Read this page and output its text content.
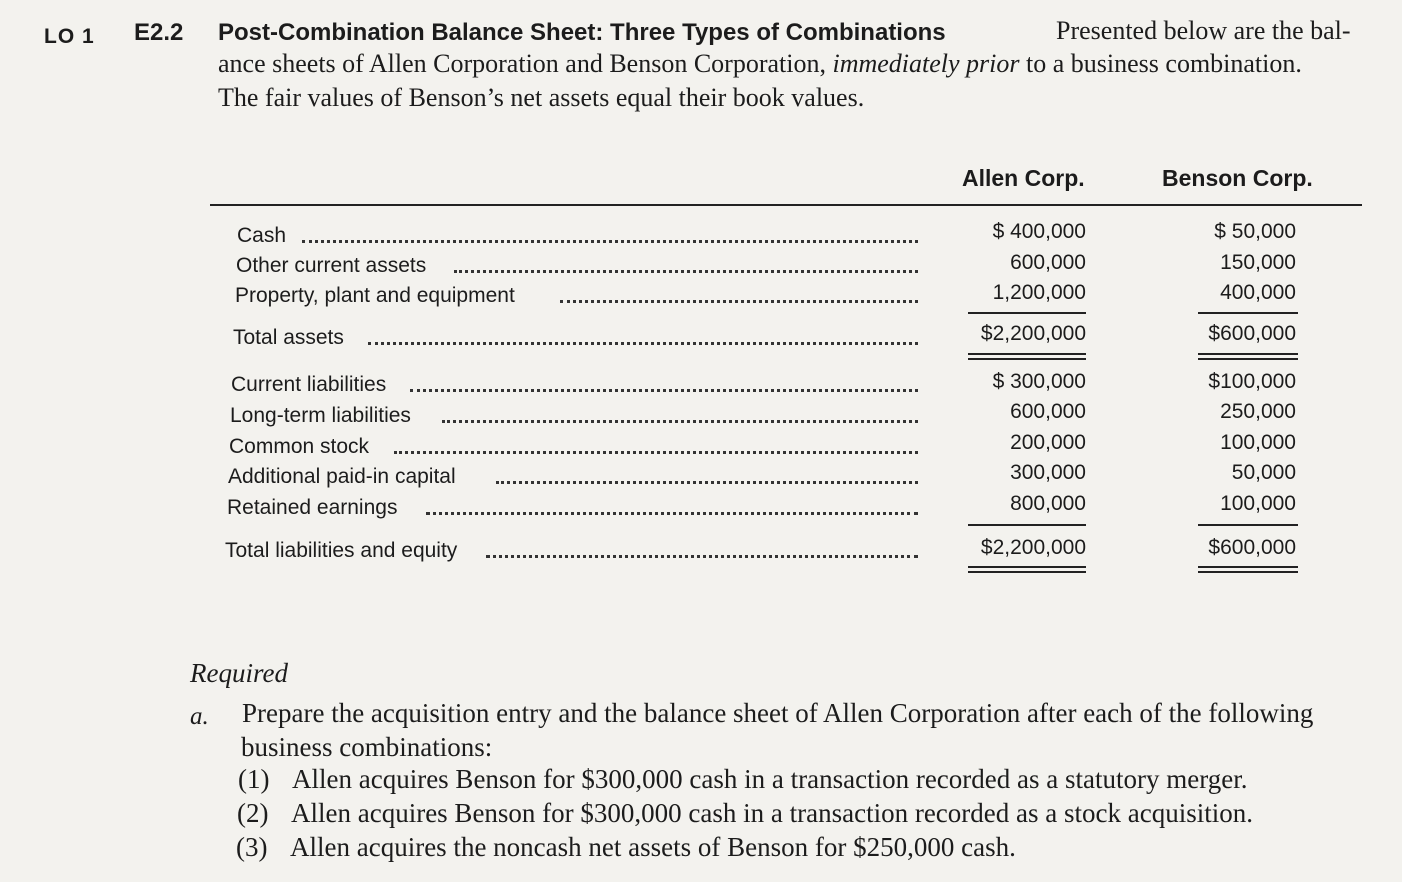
LO 1 E2.2 Post-Combination Balance Sheet: Three Types of Combinations	Presented below are the bal-
ance sheets of Allen Corporation and Benson Corporation, immediately prior to a business combination.
The fair values of Benson’s net assets equal their book values.
Allen Corp.	Benson Corp.
Cash	$ 400,000	$ 50,000
Other current assets	600,000	150,000
Property, plant and equipment	1,200,000	400,000
Total assets	$2,200,000	$600,000
Current liabilities	$ 300,000	$100,000
Long-term liabilities	600,000	250,000
Common stock	200,000	100,000
Additional paid-in capital	300,000	50,000
Retained earnings	800,000	100,000
Total liabilities and equity	$2,200,000	$600,000
Required
a. Prepare the acquisition entry and the balance sheet of Allen Corporation after each of the following
business combinations:
(1) Allen acquires Benson for $300,000 cash in a transaction recorded as a statutory merger.
(2) Allen acquires Benson for $300,000 cash in a transaction recorded as a stock acquisition.
(3) Allen acquires the noncash net assets of Benson for $250,000 cash.
